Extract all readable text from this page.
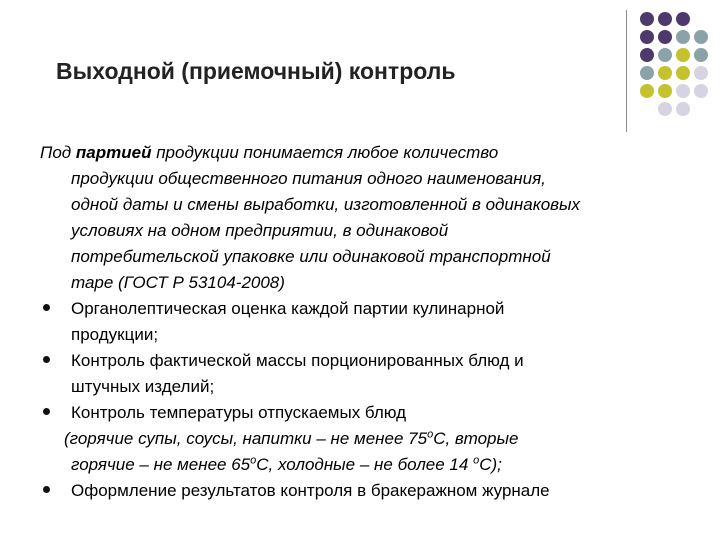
Выходной (приемочный) контроль
Под партией продукции понимается любое количество
продукции общественного питания одного наименования,
одной даты и смены выработки, изготовленной в одинаковых
условиях на одном предприятии, в одинаковой
потребительской упаковке или одинаковой транспортной
таре (ГОСТ Р 53104-2008)
Органолептическая оценка каждой партии кулинарной
продукции;
Контроль фактической массы порционированных блюд и
штучных изделий;
Контроль температуры отпускаемых блюд
(горячие супы, соусы, напитки – не менее $75^оС$, вторые
горячие – не менее $65^оС$, холодные – не более 14 $^о$С);
Оформление результатов контроля в бракеражном журнале
